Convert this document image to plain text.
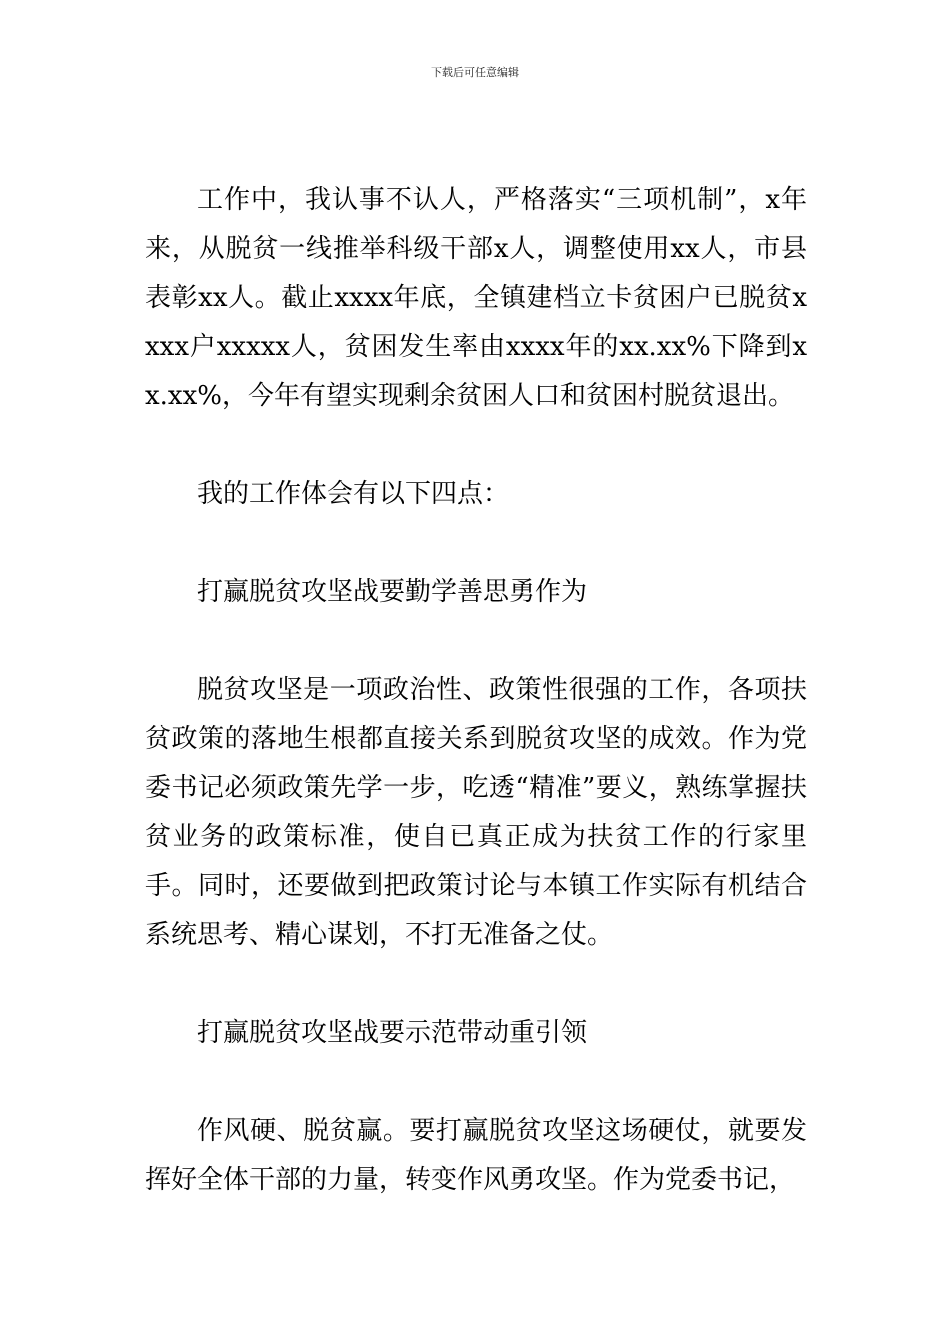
下载后可任意编辑

工作中，我认事不认人，严格落实“三项机制”，x年来，从脱贫一线推举科级干部x人，调整使用xx人，市县表彰xx人。截止xxxx年底，全镇建档立卡贫困户已脱贫xxxx户xxxxx人，贫困发生率由xxxx年的xx.xx%下降到xx.xx%，今年有望实现剩余贫困人口和贫困村脱贫退出。

我的工作体会有以下四点：

打赢脱贫攻坚战要勤学善思勇作为

脱贫攻坚是一项政治性、政策性很强的工作，各项扶贫政策的落地生根都直接关系到脱贫攻坚的成效。作为党委书记必须政策先学一步，吃透“精准”要义，熟练掌握扶贫业务的政策标准，使自已真正成为扶贫工作的行家里手。同时，还要做到把政策讨论与本镇工作实际有机结合系统思考、精心谋划，不打无准备之仗。

打赢脱贫攻坚战要示范带动重引领

作风硬、脱贫赢。要打赢脱贫攻坚这场硬仗，就要发挥好全体干部的力量，转变作风勇攻坚。作为党委书记，
